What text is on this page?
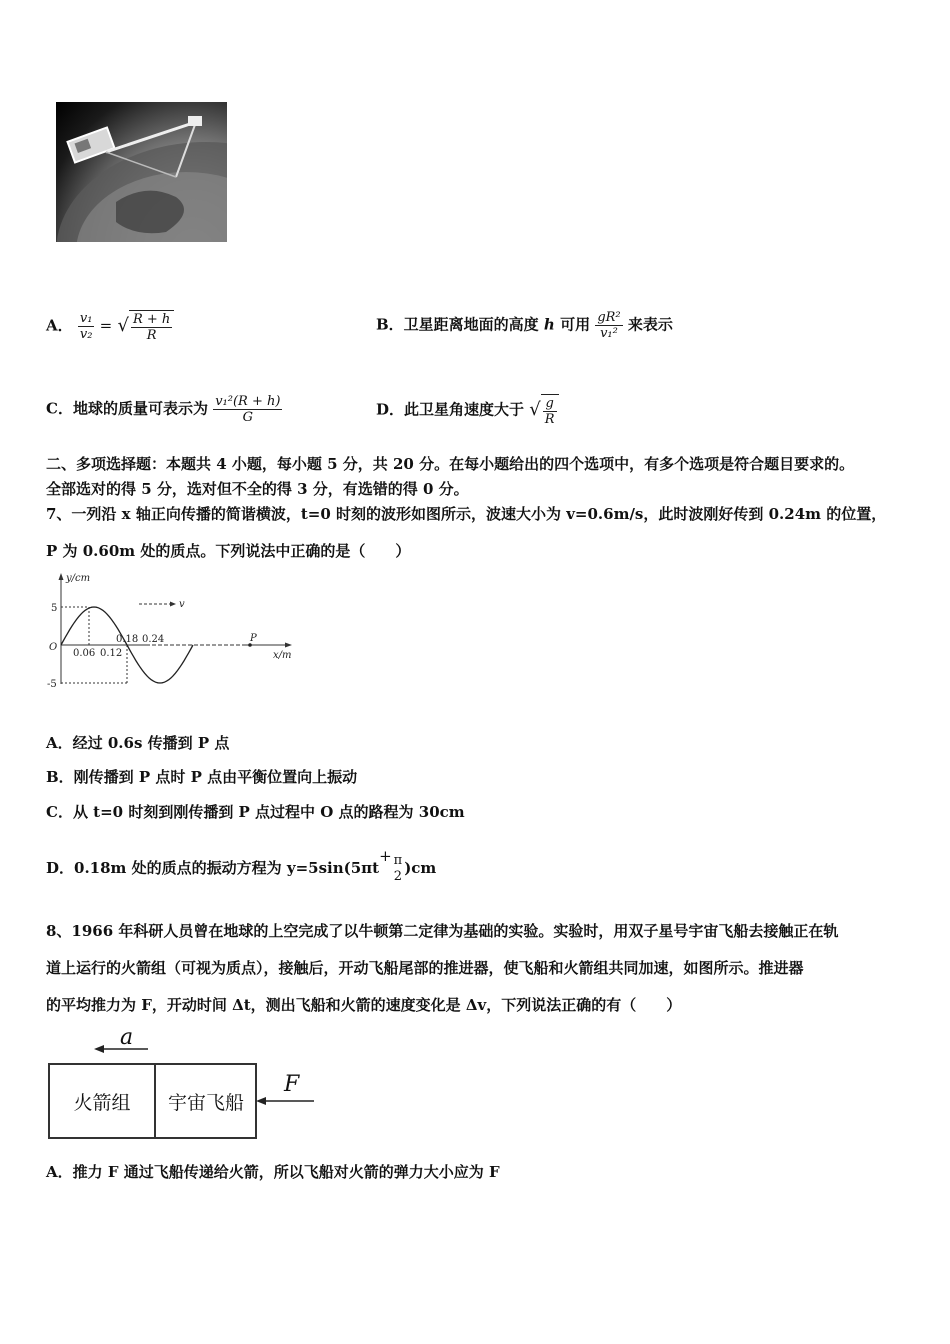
A． $\frac{\text{v₁}}{\text{v₂}}$ = √ $\frac{R + h}{R}$	B．卫星距离地面的高度 h 可用 $\frac{\text{gR²}}{\text{v₁²}}$ 来表示
C．地球的质量可表示为 $\frac{\text{v₁²(R + h)}}{G}$	D．此卫星角速度大于 √ $\frac{g}{R}$
二、多项选择题：本题共 4 小题，每小题 5 分，共 20 分。在每小题给出的四个选项中，有多个选项是符合题目要求的。
全部选对的得 5 分，选对但不全的得 3 分，有选错的得 0 分。
7、一列沿 x 轴正向传播的简谐横波，t=0 时刻的波形如图所示，波速大小为 v=0.6m/s，此时波刚好传到 0.24m 的位置，
P 为 0.60m 处的质点。下列说法中正确的是（　　）
y/cm
x/m
O
5
-5
0.06 0.12
0.18 0.24
v
P
A．经过 0.6s 传播到 P 点
B．刚传播到 P 点时 P 点由平衡位置向上振动
C．从 t=0 时刻到刚传播到 P 点过程中 O 点的路程为 30cm
D．0.18m 处的质点的振动方程为 y=5sin(5πt+ π
2 )cm
8、1966 年科研人员曾在地球的上空完成了以牛顿第二定律为基础的实验。实验时，用双子星号宇宙飞船去接触正在轨
道上运行的火箭组（可视为质点），接触后，开动飞船尾部的推进器，使飞船和火箭组共同加速，如图所示。推进器
的平均推力为 F，开动时间 Δt，测出飞船和火箭的速度变化是 Δv，下列说法正确的有（　　）
a
火箭组	宇宙飞船
F
A．推力 F 通过飞船传递给火箭，所以飞船对火箭的弹力大小应为 F
